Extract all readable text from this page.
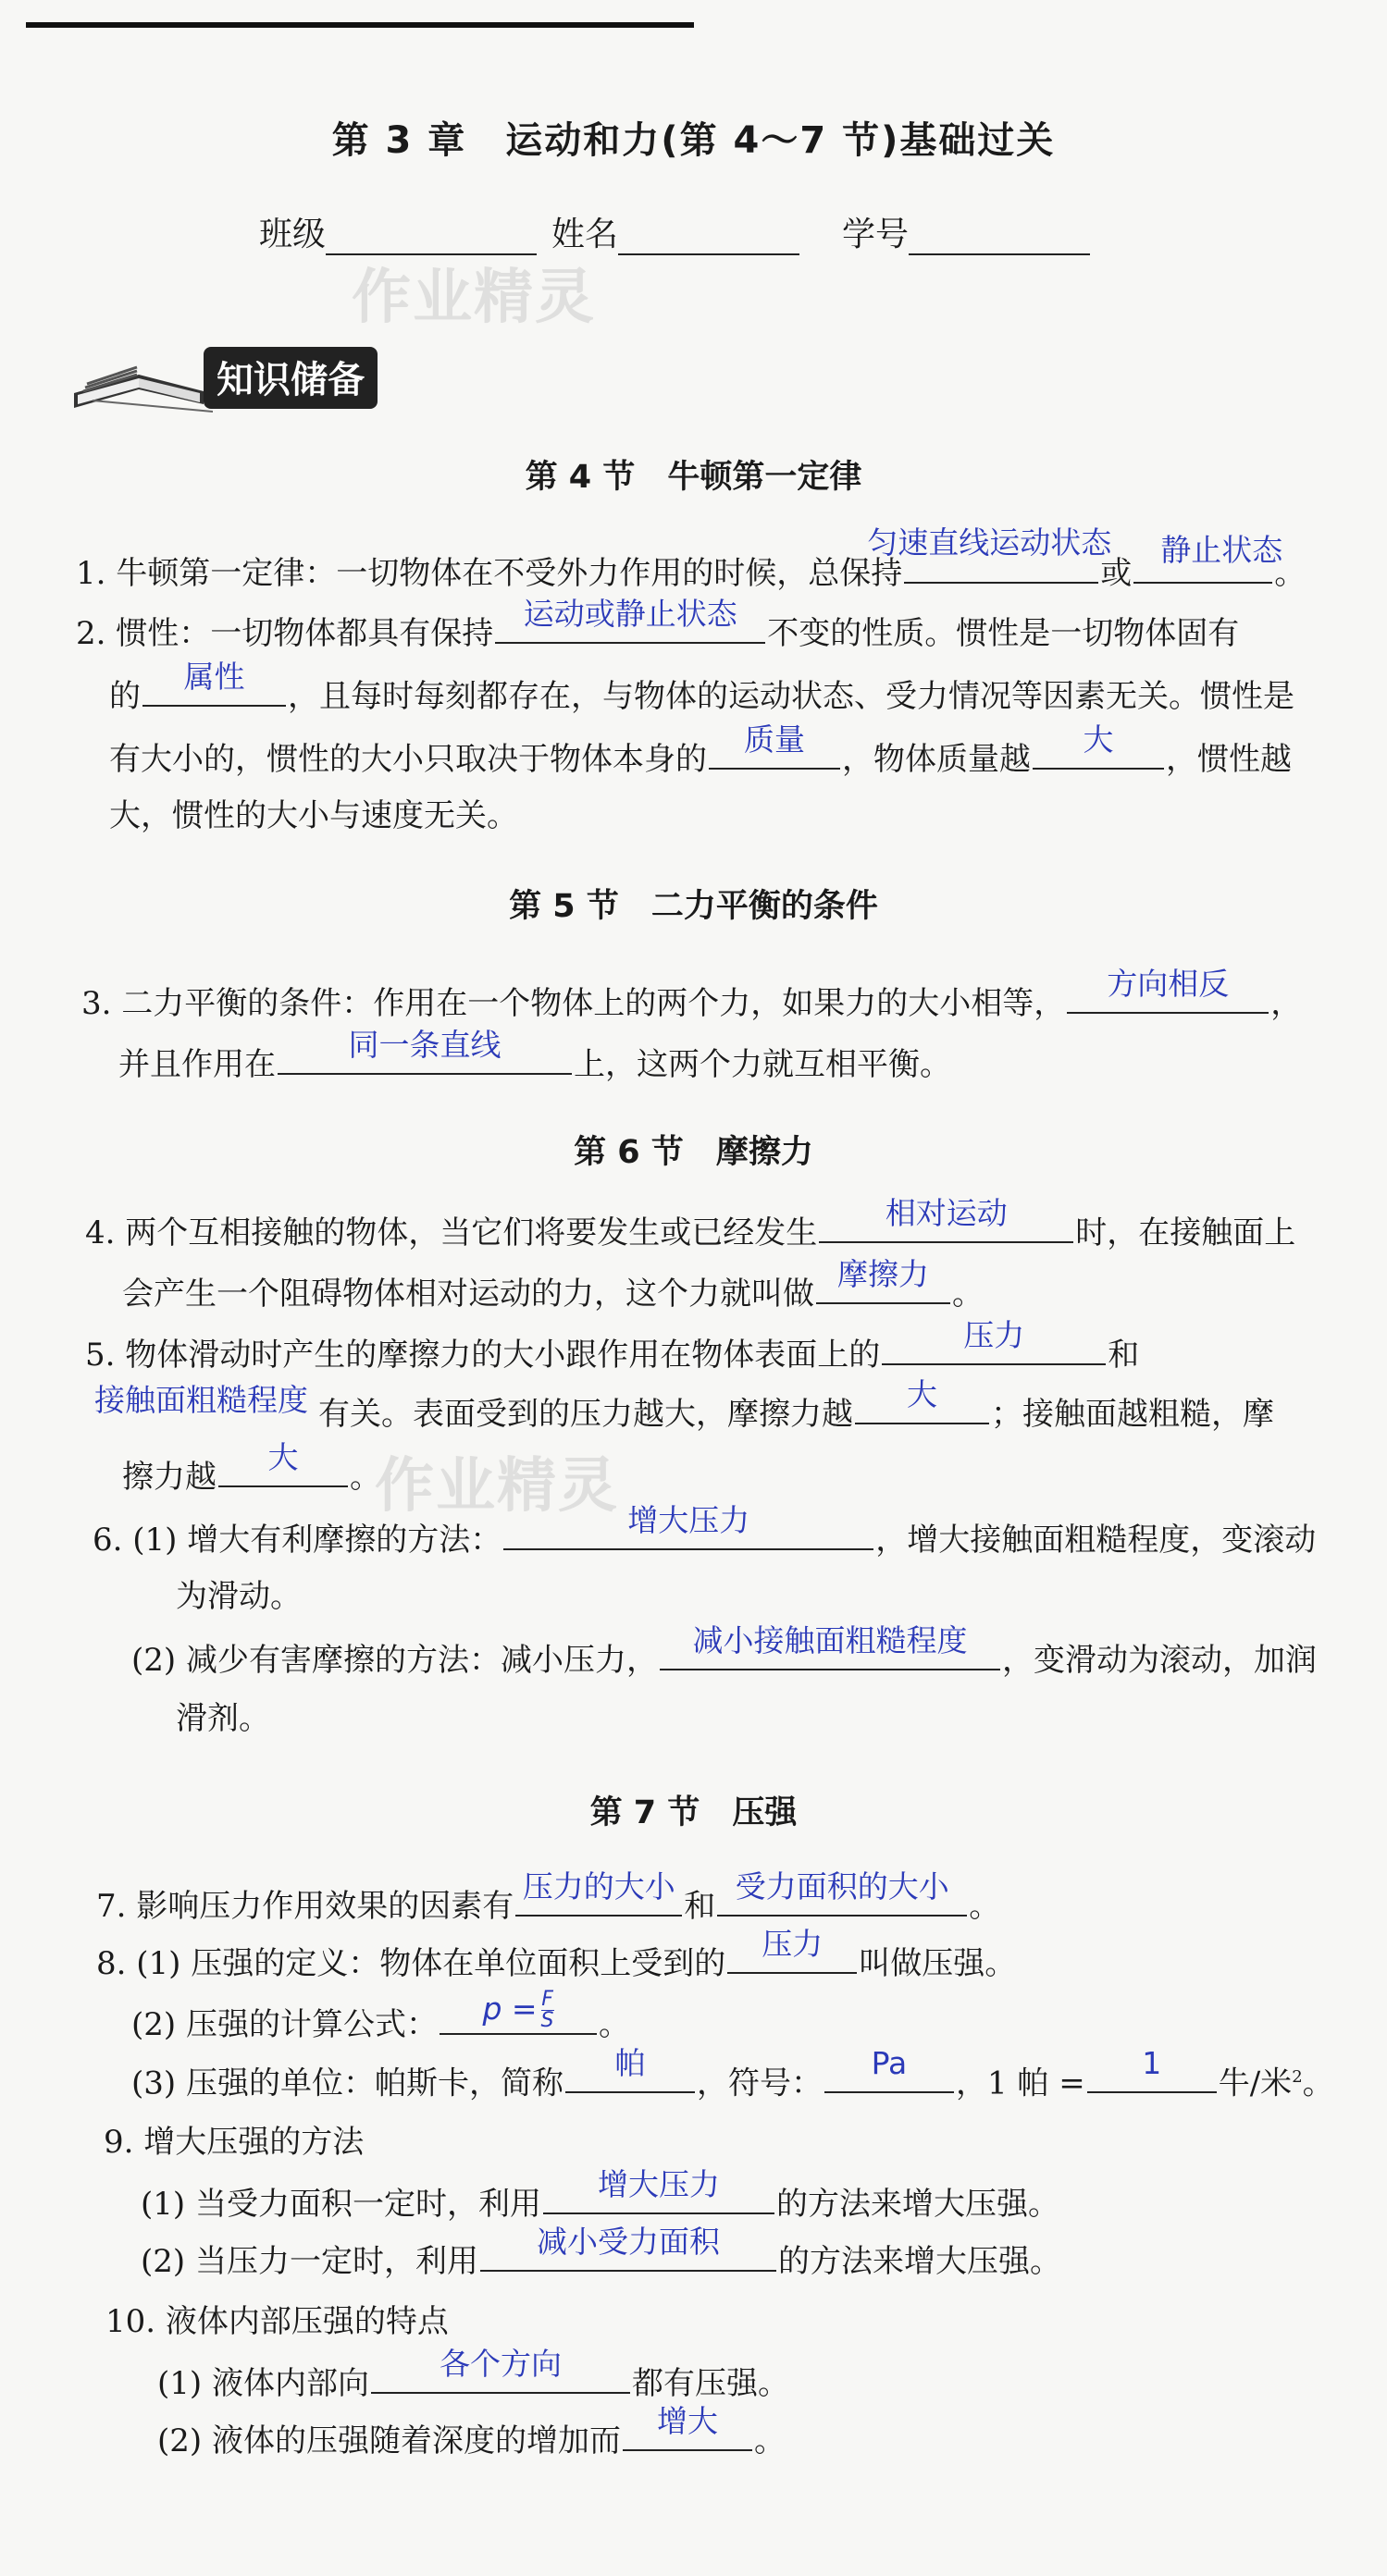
第 3 章　运动和力(第 4～7 节)基础过关
班级	姓名	学号
作业精灵
作业精灵
知识储备
第 4 节　牛顿第一定律
1. 牛顿第一定律：一切物体在不受外力作用的时候，总保持
匀速直线运动状态
或
静止状态
。
2. 惯性：一切物体都具有保持
运动或静止状态
不变的性质。惯性是一切物体固有
的
属性
，且每时每刻都存在，与物体的运动状态、受力情况等因素无关。惯性是
有大小的，惯性的大小只取决于物体本身的
质量
，物体质量越
大
，惯性越
大，惯性的大小与速度无关。
第 5 节　二力平衡的条件
3. 二力平衡的条件：作用在一个物体上的两个力，如果力的大小相等，
方向相反
，
并且作用在
同一条直线
上，这两个力就互相平衡。
第 6 节　摩擦力
4. 两个互相接触的物体，当它们将要发生或已经发生
相对运动
时，在接触面上
会产生一个阻碍物体相对运动的力，这个力就叫做
摩擦力
。
5. 物体滑动时产生的摩擦力的大小跟作用在物体表面上的
压力
和
接触面粗糙程度 有关。表面受到的压力越大，摩擦力越
大
；接触面越粗糙，摩
擦力越
大
。
6. (1) 增大有利摩擦的方法：
增大压力
，增大接触面粗糙程度，变滚动
为滑动。
(2) 减少有害摩擦的方法：减小压力，
减小接触面粗糙程度
，变滑动为滚动，加润
滑剂。
第 7 节　压强
7. 影响压力作用效果的因素有
压力的大小
和
受力面积的大小
。
8. (1) 压强的定义：物体在单位面积上受到的
压力
叫做压强。
(2) 压强的计算公式：	$p = \frac{F}{S}$ 。
(3) 压强的单位：帕斯卡，简称
帕
，符号：
Pa
，1 帕 =
1
牛/米$^2$。
9. 增大压强的方法
(1) 当受力面积一定时，利用
增大压力
的方法来增大压强。
(2) 当压力一定时，利用
减小受力面积
的方法来增大压强。
10. 液体内部压强的特点
(1) 液体内部向
各个方向
都有压强。
(2) 液体的压强随着深度的增加而
增大
。
